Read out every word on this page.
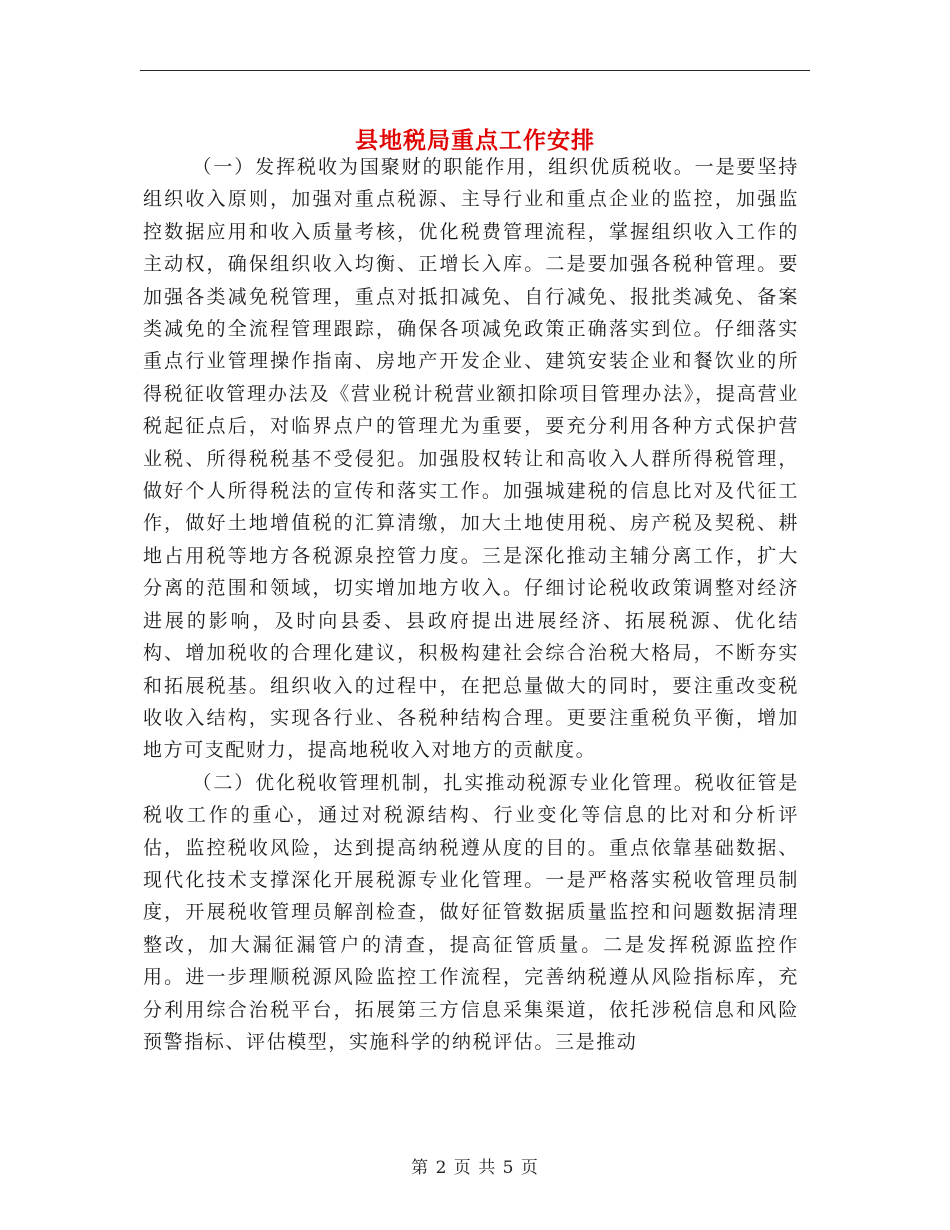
县地税局重点工作安排

（一）发挥税收为国聚财的职能作用，组织优质税收。一是要坚持组织收入原则，加强对重点税源、主导行业和重点企业的监控，加强监控数据应用和收入质量考核，优化税费管理流程，掌握组织收入工作的主动权，确保组织收入均衡、正增长入库。二是要加强各税种管理。要加强各类减免税管理，重点对抵扣减免、自行减免、报批类减免、备案类减免的全流程管理跟踪，确保各项减免政策正确落实到位。仔细落实重点行业管理操作指南、房地产开发企业、建筑安装企业和餐饮业的所得税征收管理办法及《营业税计税营业额扣除项目管理办法》，提高营业税起征点后，对临界点户的管理尤为重要，要充分利用各种方式保护营业税、所得税税基不受侵犯。加强股权转让和高收入人群所得税管理，做好个人所得税法的宣传和落实工作。加强城建税的信息比对及代征工作，做好土地增值税的汇算清缴，加大土地使用税、房产税及契税、耕地占用税等地方各税源泉控管力度。三是深化推动主辅分离工作，扩大分离的范围和领域，切实增加地方收入。仔细讨论税收政策调整对经济进展的影响，及时向县委、县政府提出进展经济、拓展税源、优化结构、增加税收的合理化建议，积极构建社会综合治税大格局，不断夯实和拓展税基。组织收入的过程中，在把总量做大的同时，要注重改变税收收入结构，实现各行业、各税种结构合理。更要注重税负平衡，增加地方可支配财力，提高地税收入对地方的贡献度。

（二）优化税收管理机制，扎实推动税源专业化管理。税收征管是税收工作的重心，通过对税源结构、行业变化等信息的比对和分析评估，监控税收风险，达到提高纳税遵从度的目的。重点依靠基础数据、现代化技术支撑深化开展税源专业化管理。一是严格落实税收管理员制度，开展税收管理员解剖检查，做好征管数据质量监控和问题数据清理整改，加大漏征漏管户的清查，提高征管质量。二是发挥税源监控作用。进一步理顺税源风险监控工作流程，完善纳税遵从风险指标库，充分利用综合治税平台，拓展第三方信息采集渠道，依托涉税信息和风险预警指标、评估模型，实施科学的纳税评估。三是推动

第 2 页 共 5 页
